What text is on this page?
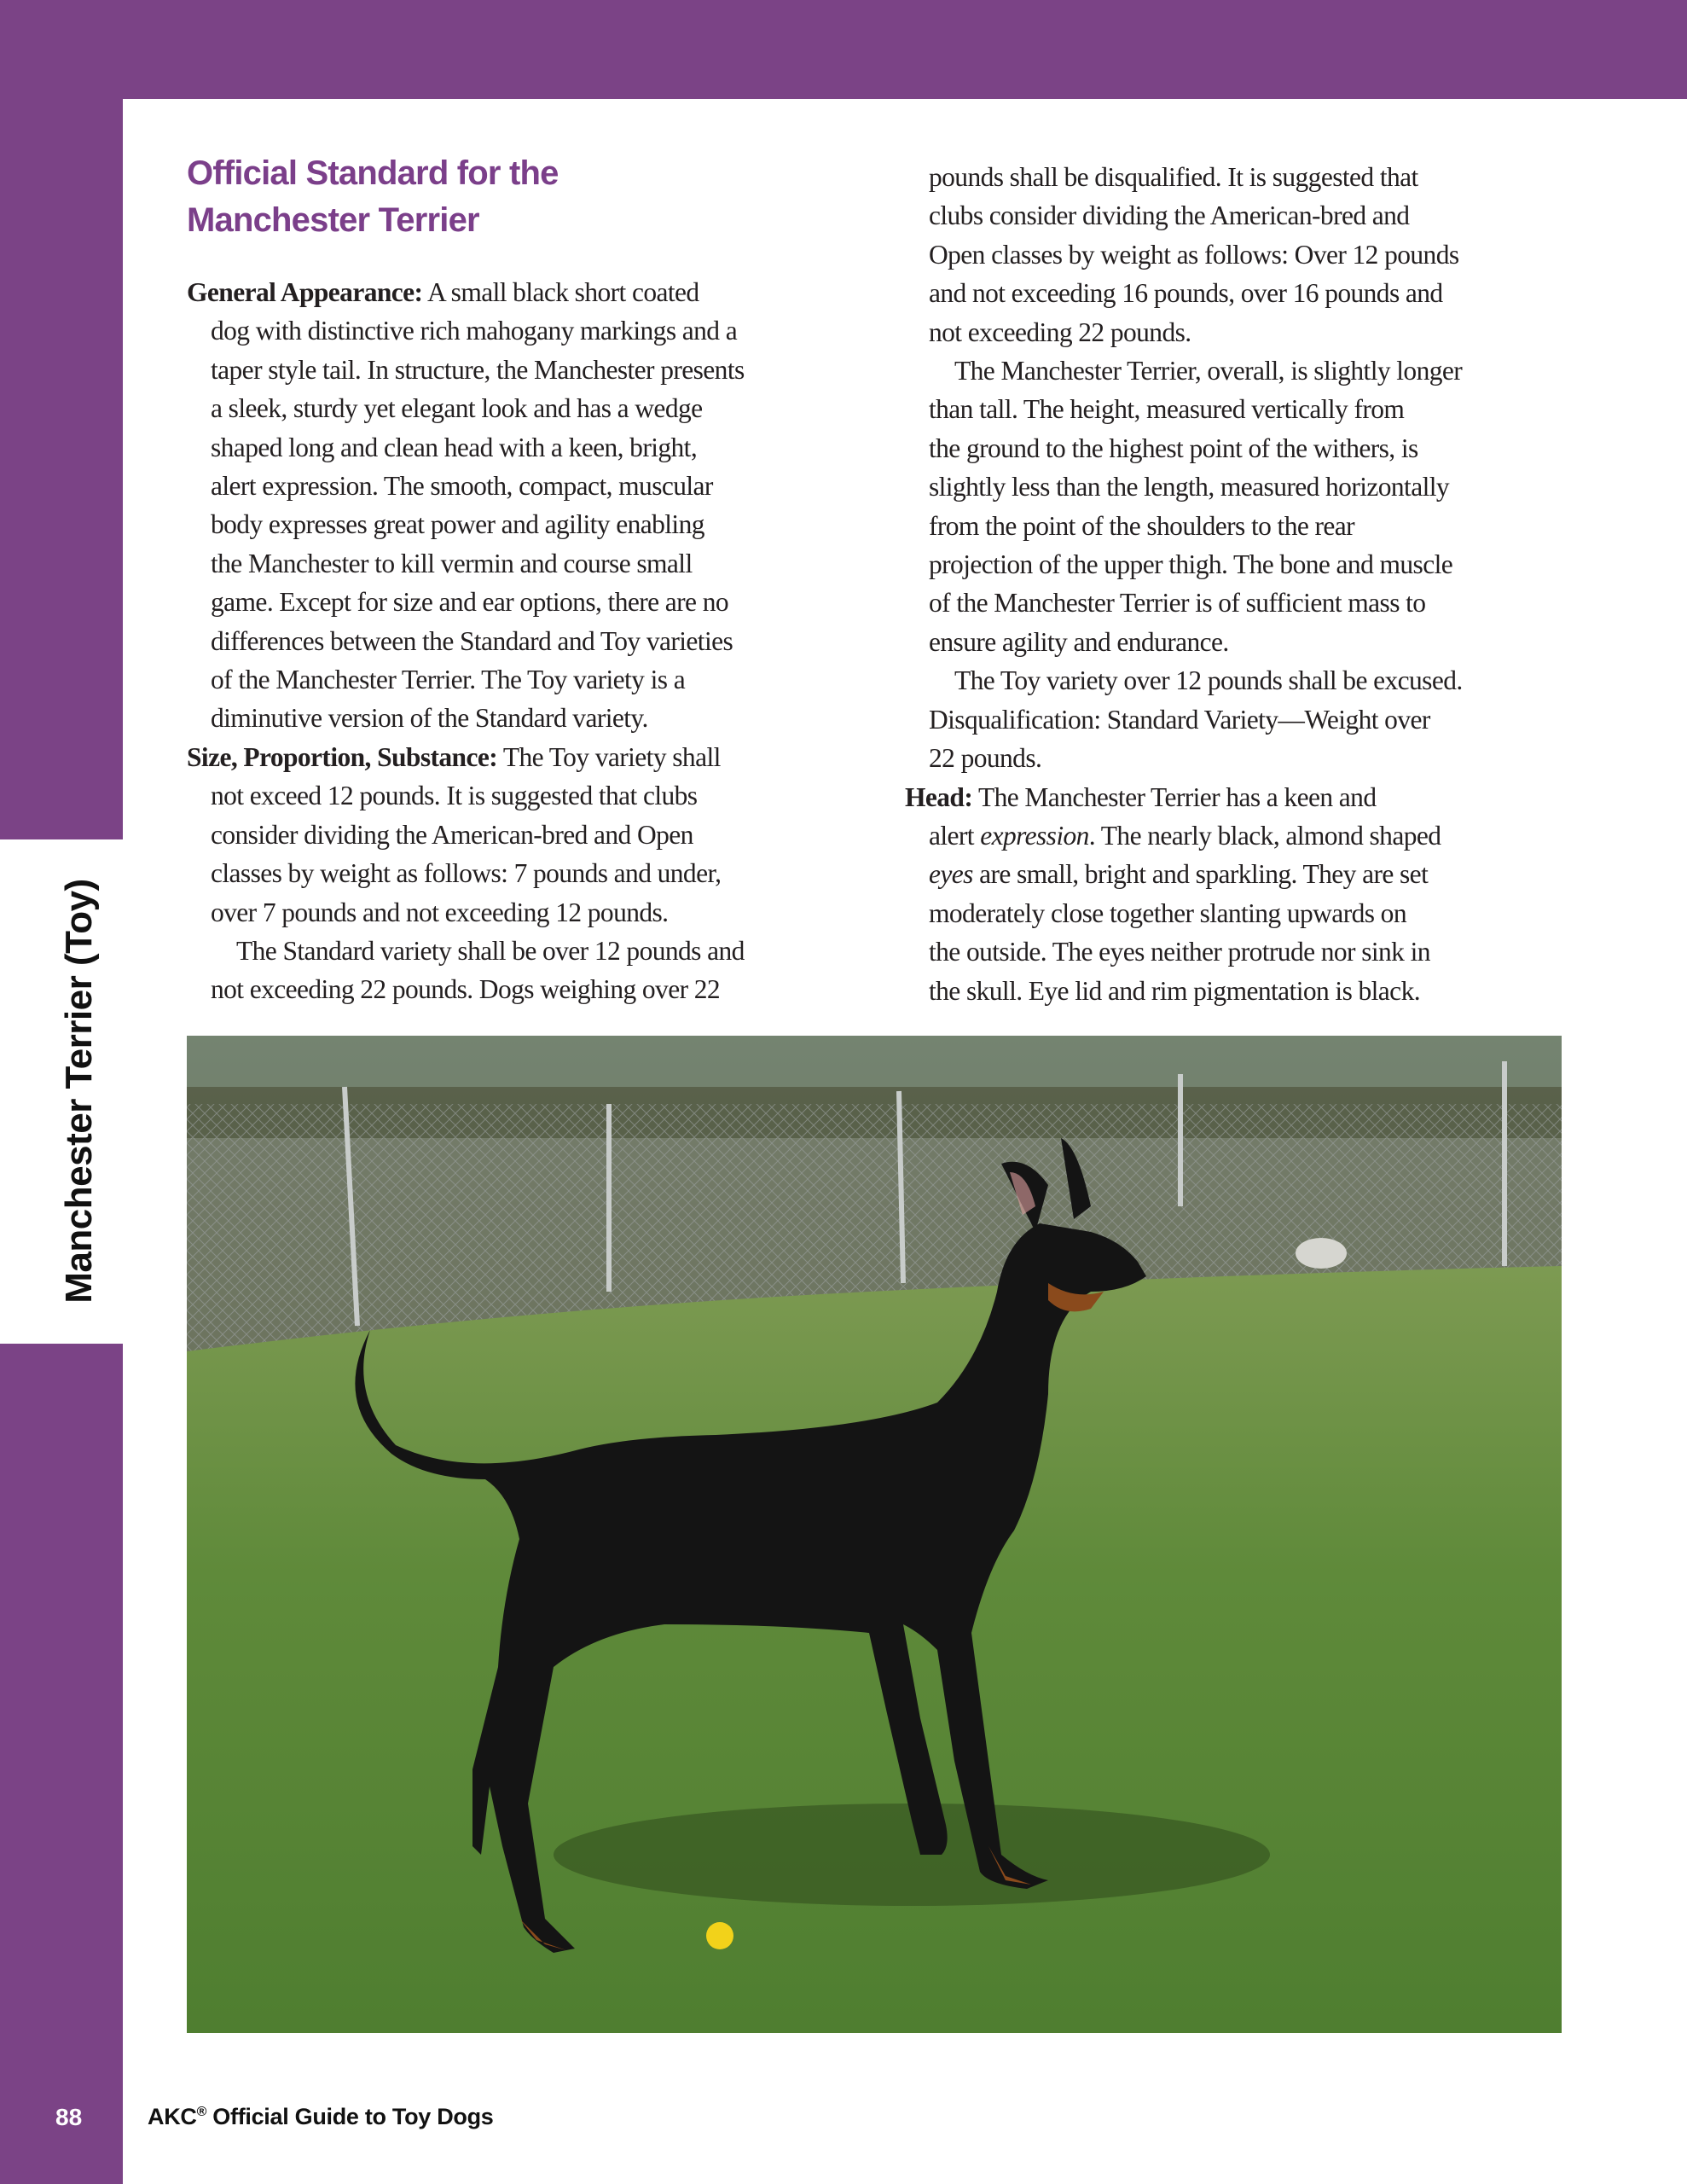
Manchester Terrier (Toy)
Official Standard for the
Manchester Terrier
General Appearance: A small black short coated
dog with distinctive rich mahogany markings and a
taper style tail. In structure, the Manchester presents
a sleek, sturdy yet elegant look and has a wedge
shaped long and clean head with a keen, bright,
alert expression. The smooth, compact, muscular
body expresses great power and agility enabling
the Manchester to kill vermin and course small
game. Except for size and ear options, there are no
differences between the Standard and Toy varieties
of the Manchester Terrier. The Toy variety is a
diminutive version of the Standard variety.
Size, Proportion, Substance: The Toy variety shall
not exceed 12 pounds. It is suggested that clubs
consider dividing the American-bred and Open
classes by weight as follows: 7 pounds and under,
over 7 pounds and not exceeding 12 pounds.
The Standard variety shall be over 12 pounds and
not exceeding 22 pounds. Dogs weighing over 22
pounds shall be disqualified. It is suggested that
clubs consider dividing the American-bred and
Open classes by weight as follows: Over 12 pounds
and not exceeding 16 pounds, over 16 pounds and
not exceeding 22 pounds.
The Manchester Terrier, overall, is slightly longer
than tall. The height, measured vertically from
the ground to the highest point of the withers, is
slightly less than the length, measured horizontally
from the point of the shoulders to the rear
projection of the upper thigh. The bone and muscle
of the Manchester Terrier is of sufficient mass to
ensure agility and endurance.
The Toy variety over 12 pounds shall be excused.
Disqualification: Standard Variety—Weight over
22 pounds.
Head: The Manchester Terrier has a keen and
alert expression. The nearly black, almond shaped
eyes are small, bright and sparkling. They are set
moderately close together slanting upwards on
the outside. The eyes neither protrude nor sink in
the skull. Eye lid and rim pigmentation is black.
88	AKC® Official Guide to Toy Dogs
